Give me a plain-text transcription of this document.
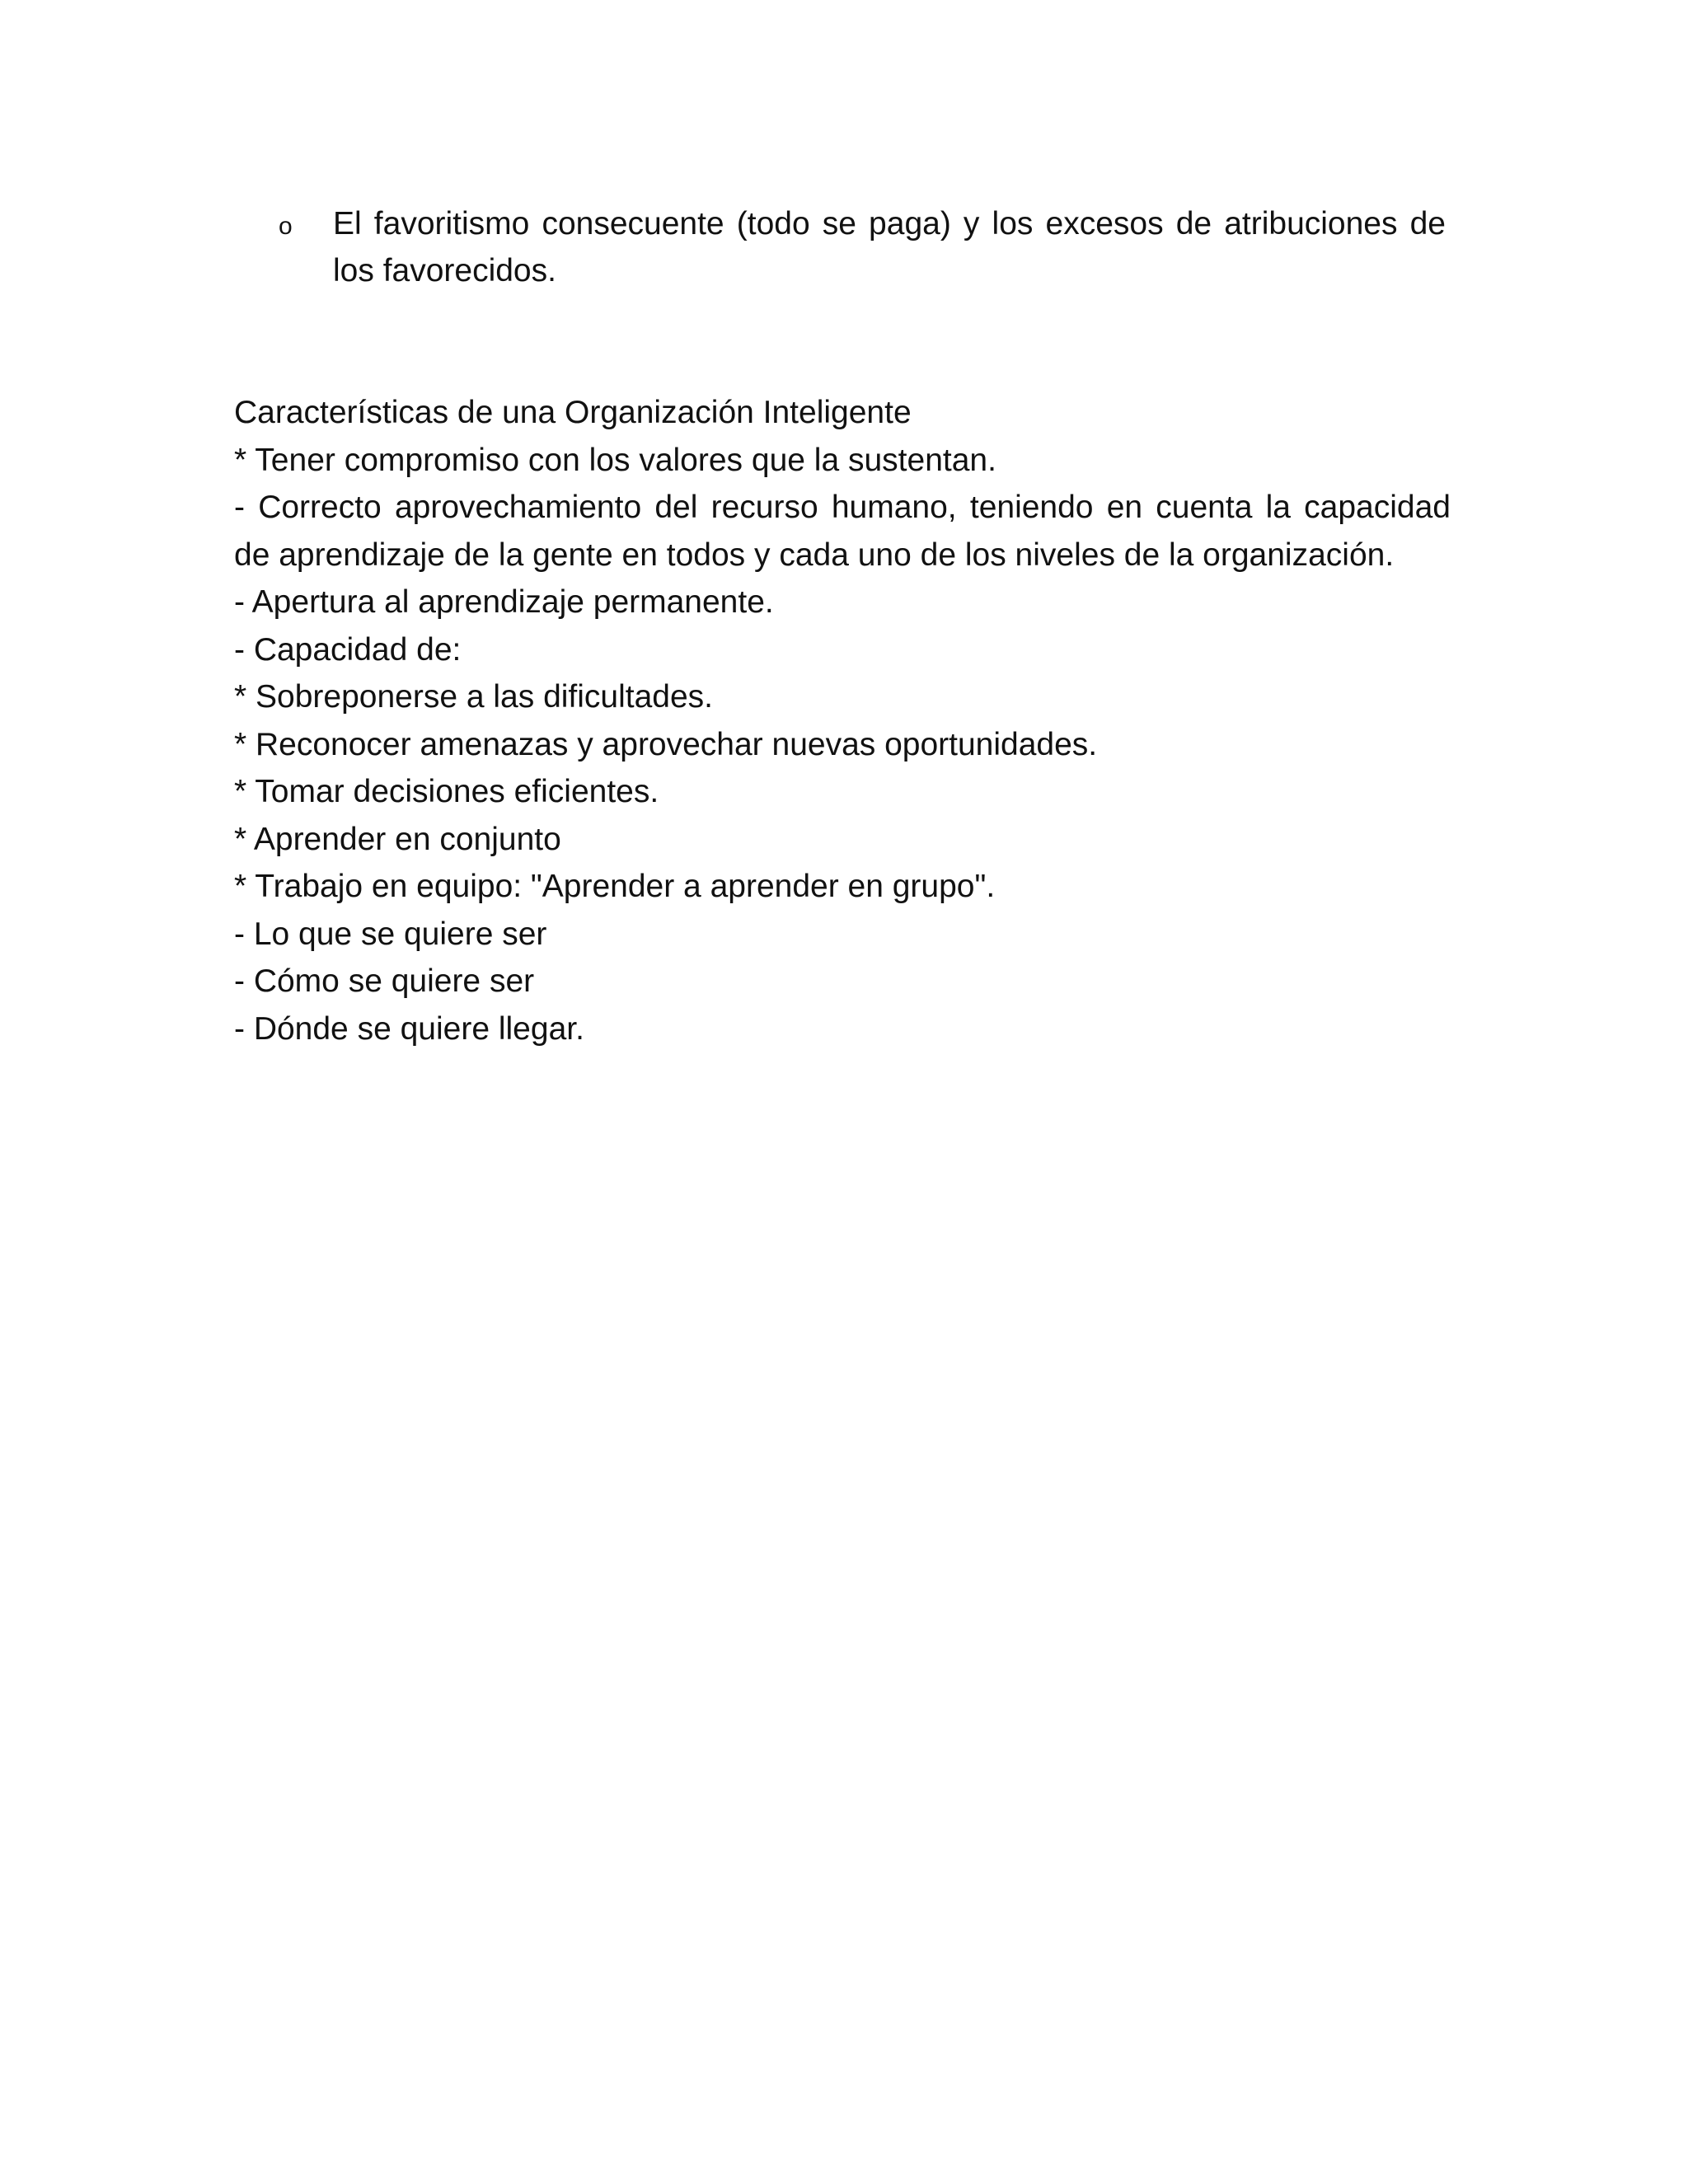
o El favoritismo consecuente (todo se paga) y los excesos de atribuciones de los favorecidos.
Características de una Organización Inteligente
* Tener compromiso con los valores que la sustentan.
- Correcto aprovechamiento del recurso humano, teniendo en cuenta la capacidad de aprendizaje de la gente en todos y cada uno de los niveles de la organización.
- Apertura al aprendizaje permanente.
- Capacidad de:
* Sobreponerse a las dificultades.
* Reconocer amenazas y aprovechar nuevas oportunidades.
* Tomar decisiones eficientes.
* Aprender en conjunto
* Trabajo en equipo: "Aprender a aprender en grupo".
- Lo que se quiere ser
- Cómo se quiere ser
- Dónde se quiere llegar.
